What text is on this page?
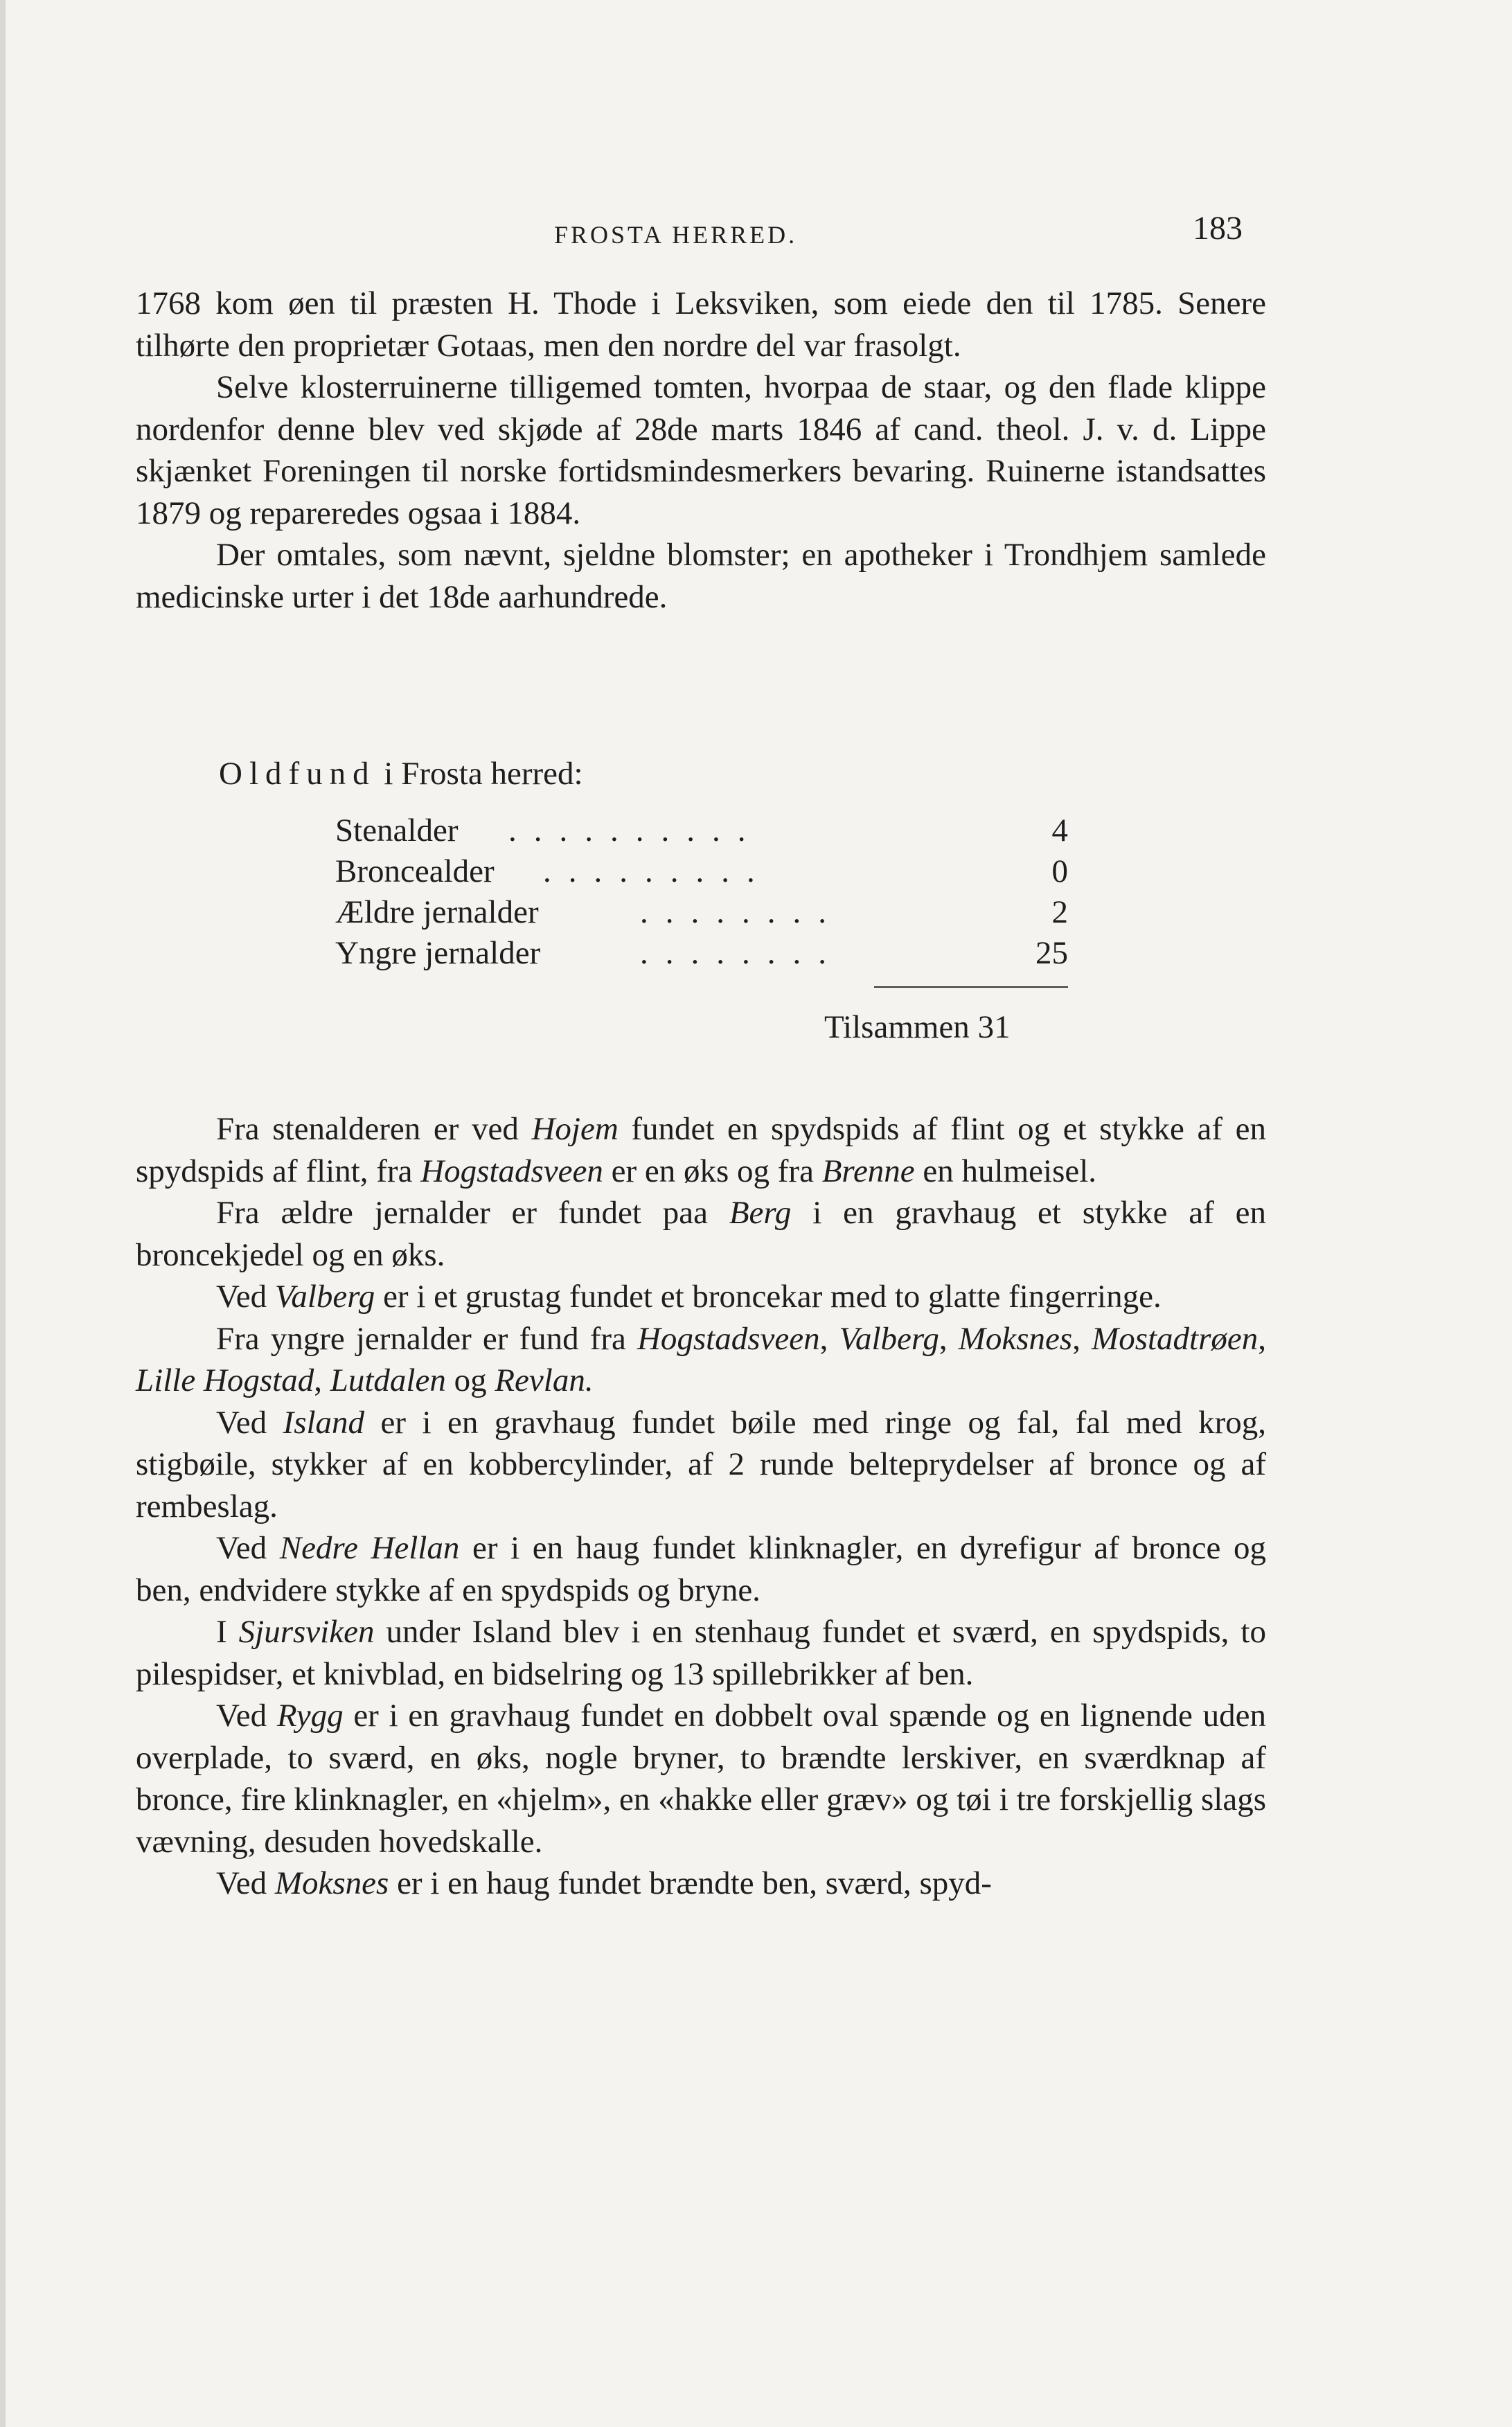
FROSTA HERRED.	183

1768 kom øen til præsten H. Thode i Leksviken, som eiede den til 1785. Senere tilhørte den proprietær Gotaas, men den nordre del var frasolgt.

Selve klosterruinerne tilligemed tomten, hvorpaa de staar, og den flade klippe nordenfor denne blev ved skjøde af 28de marts 1846 af cand. theol. J. v. d. Lippe skjænket Foreningen til norske fortidsmindesmerkers bevaring. Ruinerne istandsattes 1879 og repareredes ogsaa i 1884.

Der omtales, som nævnt, sjeldne blomster; en apotheker i Trondhjem samlede medicinske urter i det 18de aarhundrede.

Oldfund i Frosta herred:
Stenalder ..........	4
Broncealder .........	0
Ældre jernalder	........	2
Yngre jernalder	........	25
Tilsammen 31

Fra stenalderen er ved Hojem fundet en spydspids af flint og et stykke af en spydspids af flint, fra Hogstadsveen er en øks og fra Brenne en hulmeisel.

Fra ældre jernalder er fundet paa Berg i en gravhaug et stykke af en broncekjedel og en øks.

Ved Valberg er i et grustag fundet et broncekar med to glatte fingerringe.

Fra yngre jernalder er fund fra Hogstadsveen, Valberg, Moksnes, Mostadtrøen, Lille Hogstad, Lutdalen og Revlan.

Ved Island er i en gravhaug fundet bøile med ringe og fal, fal med krog, stigbøile, stykker af en kobbercylinder, af 2 runde belteprydelser af bronce og af rembeslag.

Ved Nedre Hellan er i en haug fundet klinknagler, en dyrefigur af bronce og ben, endvidere stykke af en spydspids og bryne.

I Sjursviken under Island blev i en stenhaug fundet et sværd, en spydspids, to pilespidser, et knivblad, en bidselring og 13 spillebrikker af ben.

Ved Rygg er i en gravhaug fundet en dobbelt oval spænde og en lignende uden overplade, to sværd, en øks, nogle bryner, to brændte lerskiver, en sværdknap af bronce, fire klinknagler, en «hjelm», en «hakke eller græv» og tøi i tre forskjellig slags vævning, desuden hovedskalle.

Ved Moksnes er i en haug fundet brændte ben, sværd, spyd-
